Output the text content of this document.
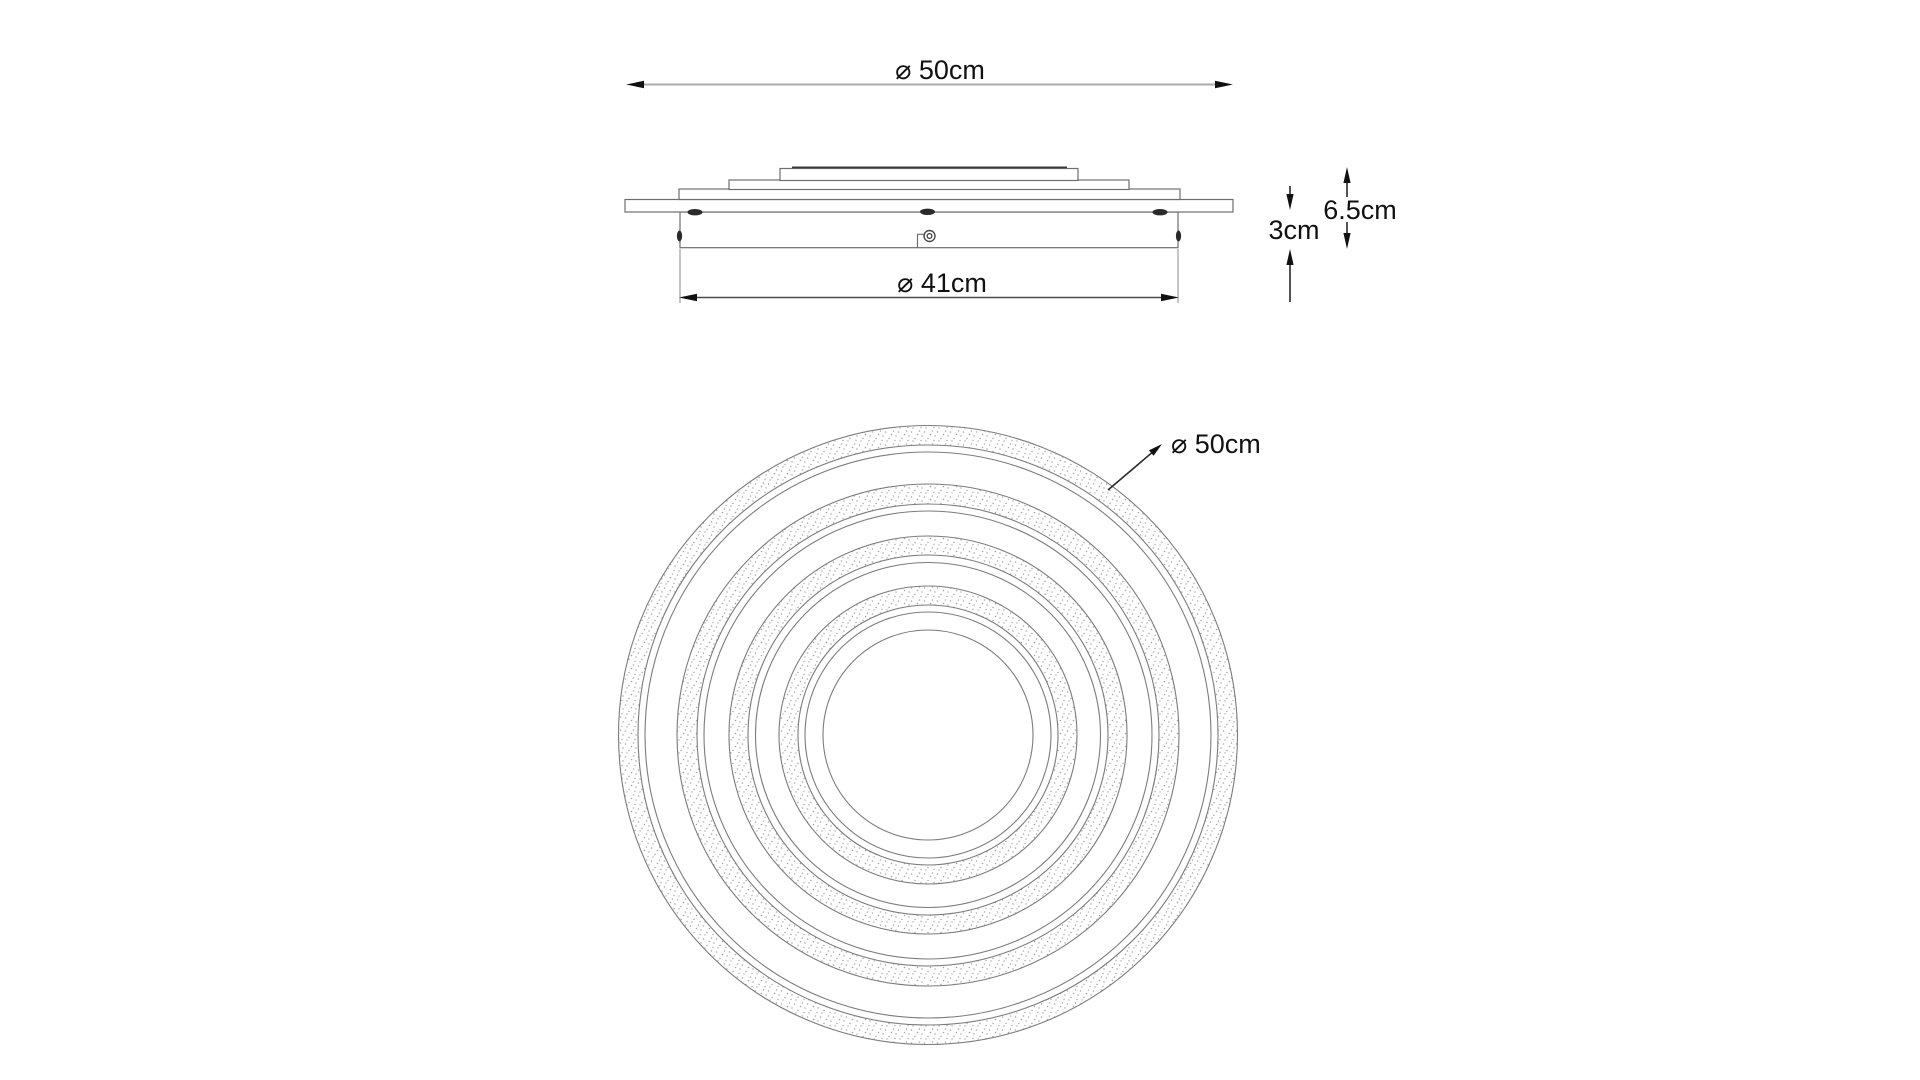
⌀ 50cm
⌀ 41cm
3cm
6.5cm
⌀ 50cm
